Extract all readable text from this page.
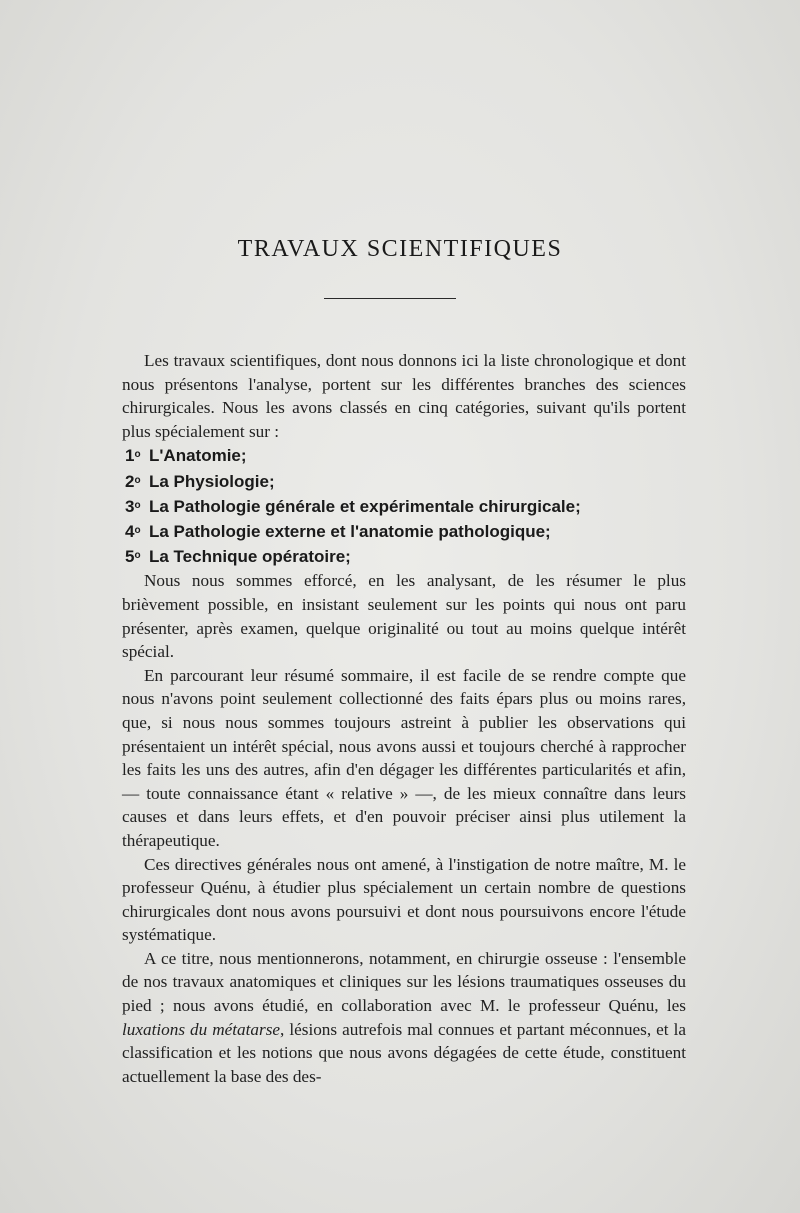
TRAVAUX SCIENTIFIQUES

Les travaux scientifiques, dont nous donnons ici la liste chronologique et dont nous présentons l'analyse, portent sur les différentes branches des sciences chirurgicales. Nous les avons classés en cinq catégories, suivant qu'ils portent plus spécialement sur :

1$^o$ L'Anatomie;
2$^o$ La Physiologie;
3$^o$ La Pathologie générale et expérimentale chirurgicale;
4$^o$ La Pathologie externe et l'anatomie pathologique;
5$^o$ La Technique opératoire;

Nous nous sommes efforcé, en les analysant, de les résumer le plus brièvement possible, en insistant seulement sur les points qui nous ont paru présenter, après examen, quelque originalité ou tout au moins quelque intérêt spécial.

En parcourant leur résumé sommaire, il est facile de se rendre compte que nous n'avons point seulement collectionné des faits épars plus ou moins rares, que, si nous nous sommes toujours astreint à publier les observations qui présentaient un intérêt spécial, nous avons aussi et toujours cherché à rapprocher les faits les uns des autres, afin d'en dégager les différentes particularités et afin, — toute connaissance étant « relative » —, de les mieux connaître dans leurs causes et dans leurs effets, et d'en pouvoir préciser ainsi plus utilement la thérapeutique.

Ces directives générales nous ont amené, à l'instigation de notre maître, M. le professeur Quénu, à étudier plus spécialement un certain nombre de questions chirurgicales dont nous avons poursuivi et dont nous poursuivons encore l'étude systématique.

A ce titre, nous mentionnerons, notamment, en chirurgie osseuse : l'ensemble de nos travaux anatomiques et cliniques sur les lésions traumatiques osseuses du pied ; nous avons étudié, en collaboration avec M. le professeur Quénu, les luxations du métatarse, lésions autrefois mal connues et partant méconnues, et la classification et les notions que nous avons dégagées de cette étude, constituent actuellement la base des des-
